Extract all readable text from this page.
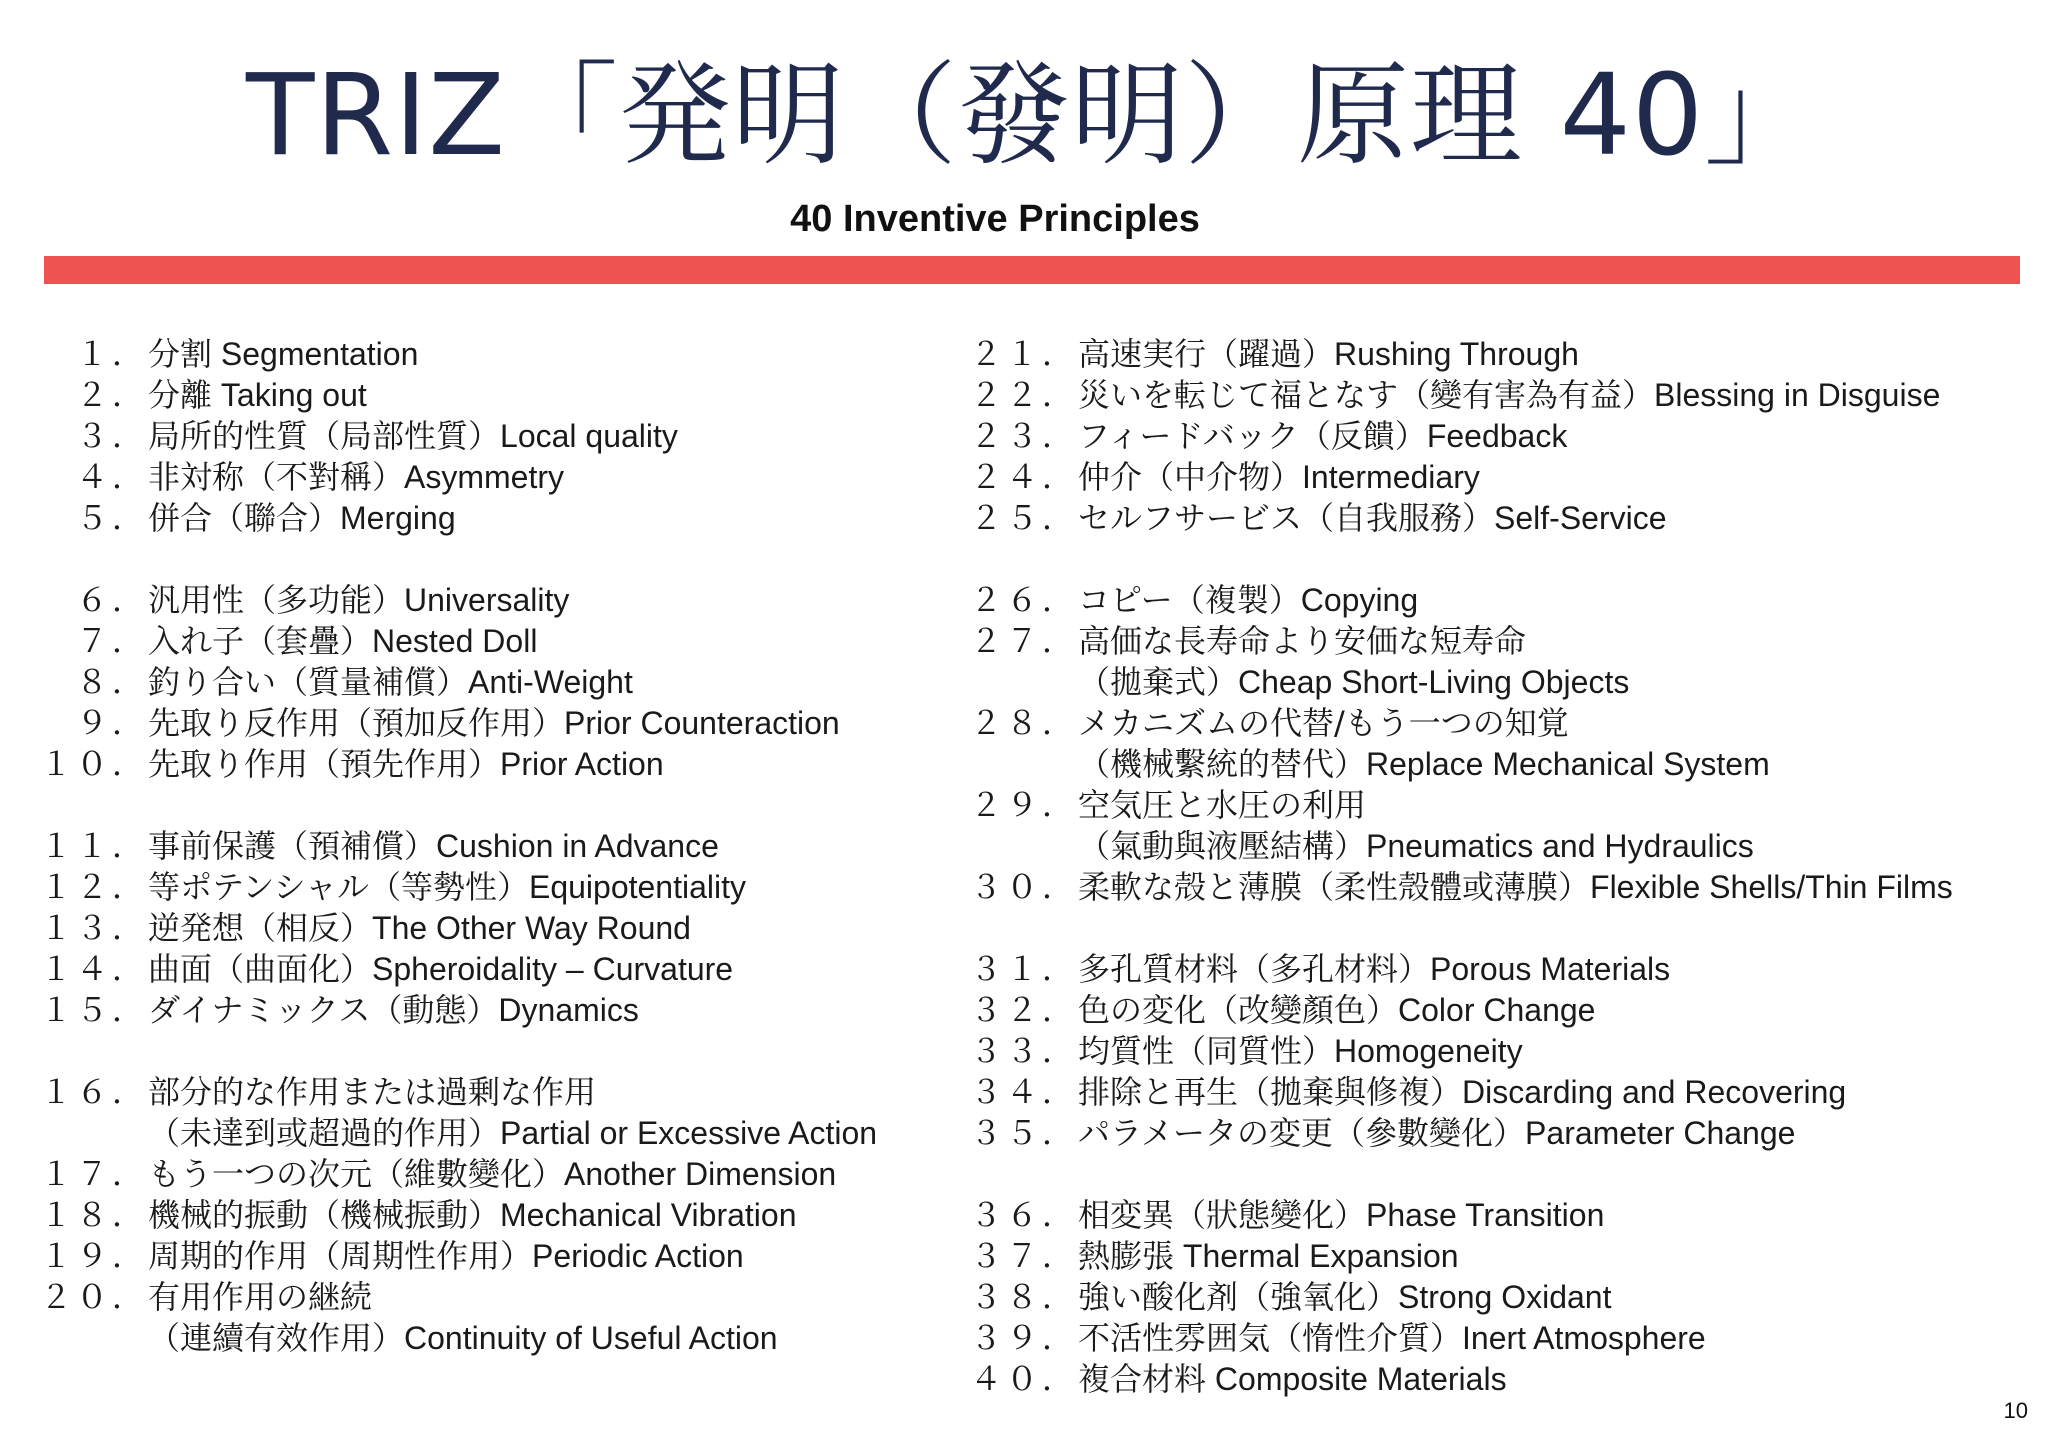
TRIZ「発明（發明）原理 40」
40 Inventive Principles
１．分割 Segmentation
２．分離 Taking out
３．局所的性質（局部性質）Local quality
４．非対称（不對稱）Asymmetry
５．併合（聯合）Merging
６．汎用性（多功能）Universality
７．入れ子（套疊）Nested Doll
８．釣り合い（質量補償）Anti-Weight
９．先取り反作用（預加反作用）Prior Counteraction
１０．先取り作用（預先作用）Prior Action
１１．事前保護（預補償）Cushion in Advance
１２．等ポテンシャル（等勢性）Equipotentiality
１３．逆発想（相反）The Other Way Round
１４．曲面（曲面化）Spheroidality – Curvature
１５．ダイナミックス（動態）Dynamics
１６．部分的な作用または過剰な作用
（未達到或超過的作用）Partial or Excessive Action
１７．もう一つの次元（維數變化）Another Dimension
１８．機械的振動（機械振動）Mechanical Vibration
１９．周期的作用（周期性作用）Periodic Action
２０．有用作用の継続
（連續有效作用）Continuity of Useful Action
２１．高速実行（躍過）Rushing Through
２２．災いを転じて福となす（變有害為有益）Blessing in Disguise
２３．フィードバック（反饋）Feedback
２４．仲介（中介物）Intermediary
２５．セルフサービス（自我服務）Self-Service
２６．コピー（複製）Copying
２７．高価な長寿命より安価な短寿命
（拋棄式）Cheap Short-Living Objects
２８．メカニズムの代替/もう一つの知覚
（機械繫統的替代）Replace Mechanical System
２９．空気圧と水圧の利用
（氣動與液壓結構）Pneumatics and Hydraulics
３０．柔軟な殻と薄膜（柔性殼體或薄膜）Flexible Shells/Thin Films
３１．多孔質材料（多孔材料）Porous Materials
３２．色の変化（改變顏色）Color Change
３３．均質性（同質性）Homogeneity
３４．排除と再生（拋棄與修複）Discarding and Recovering
３５．パラメータの変更（參數變化）Parameter Change
３６．相変異（狀態變化）Phase Transition
３７．熱膨張 Thermal Expansion
３８．強い酸化剤（強氧化）Strong Oxidant
３９．不活性雰囲気（惰性介質）Inert Atmosphere
４０．複合材料 Composite Materials
10
